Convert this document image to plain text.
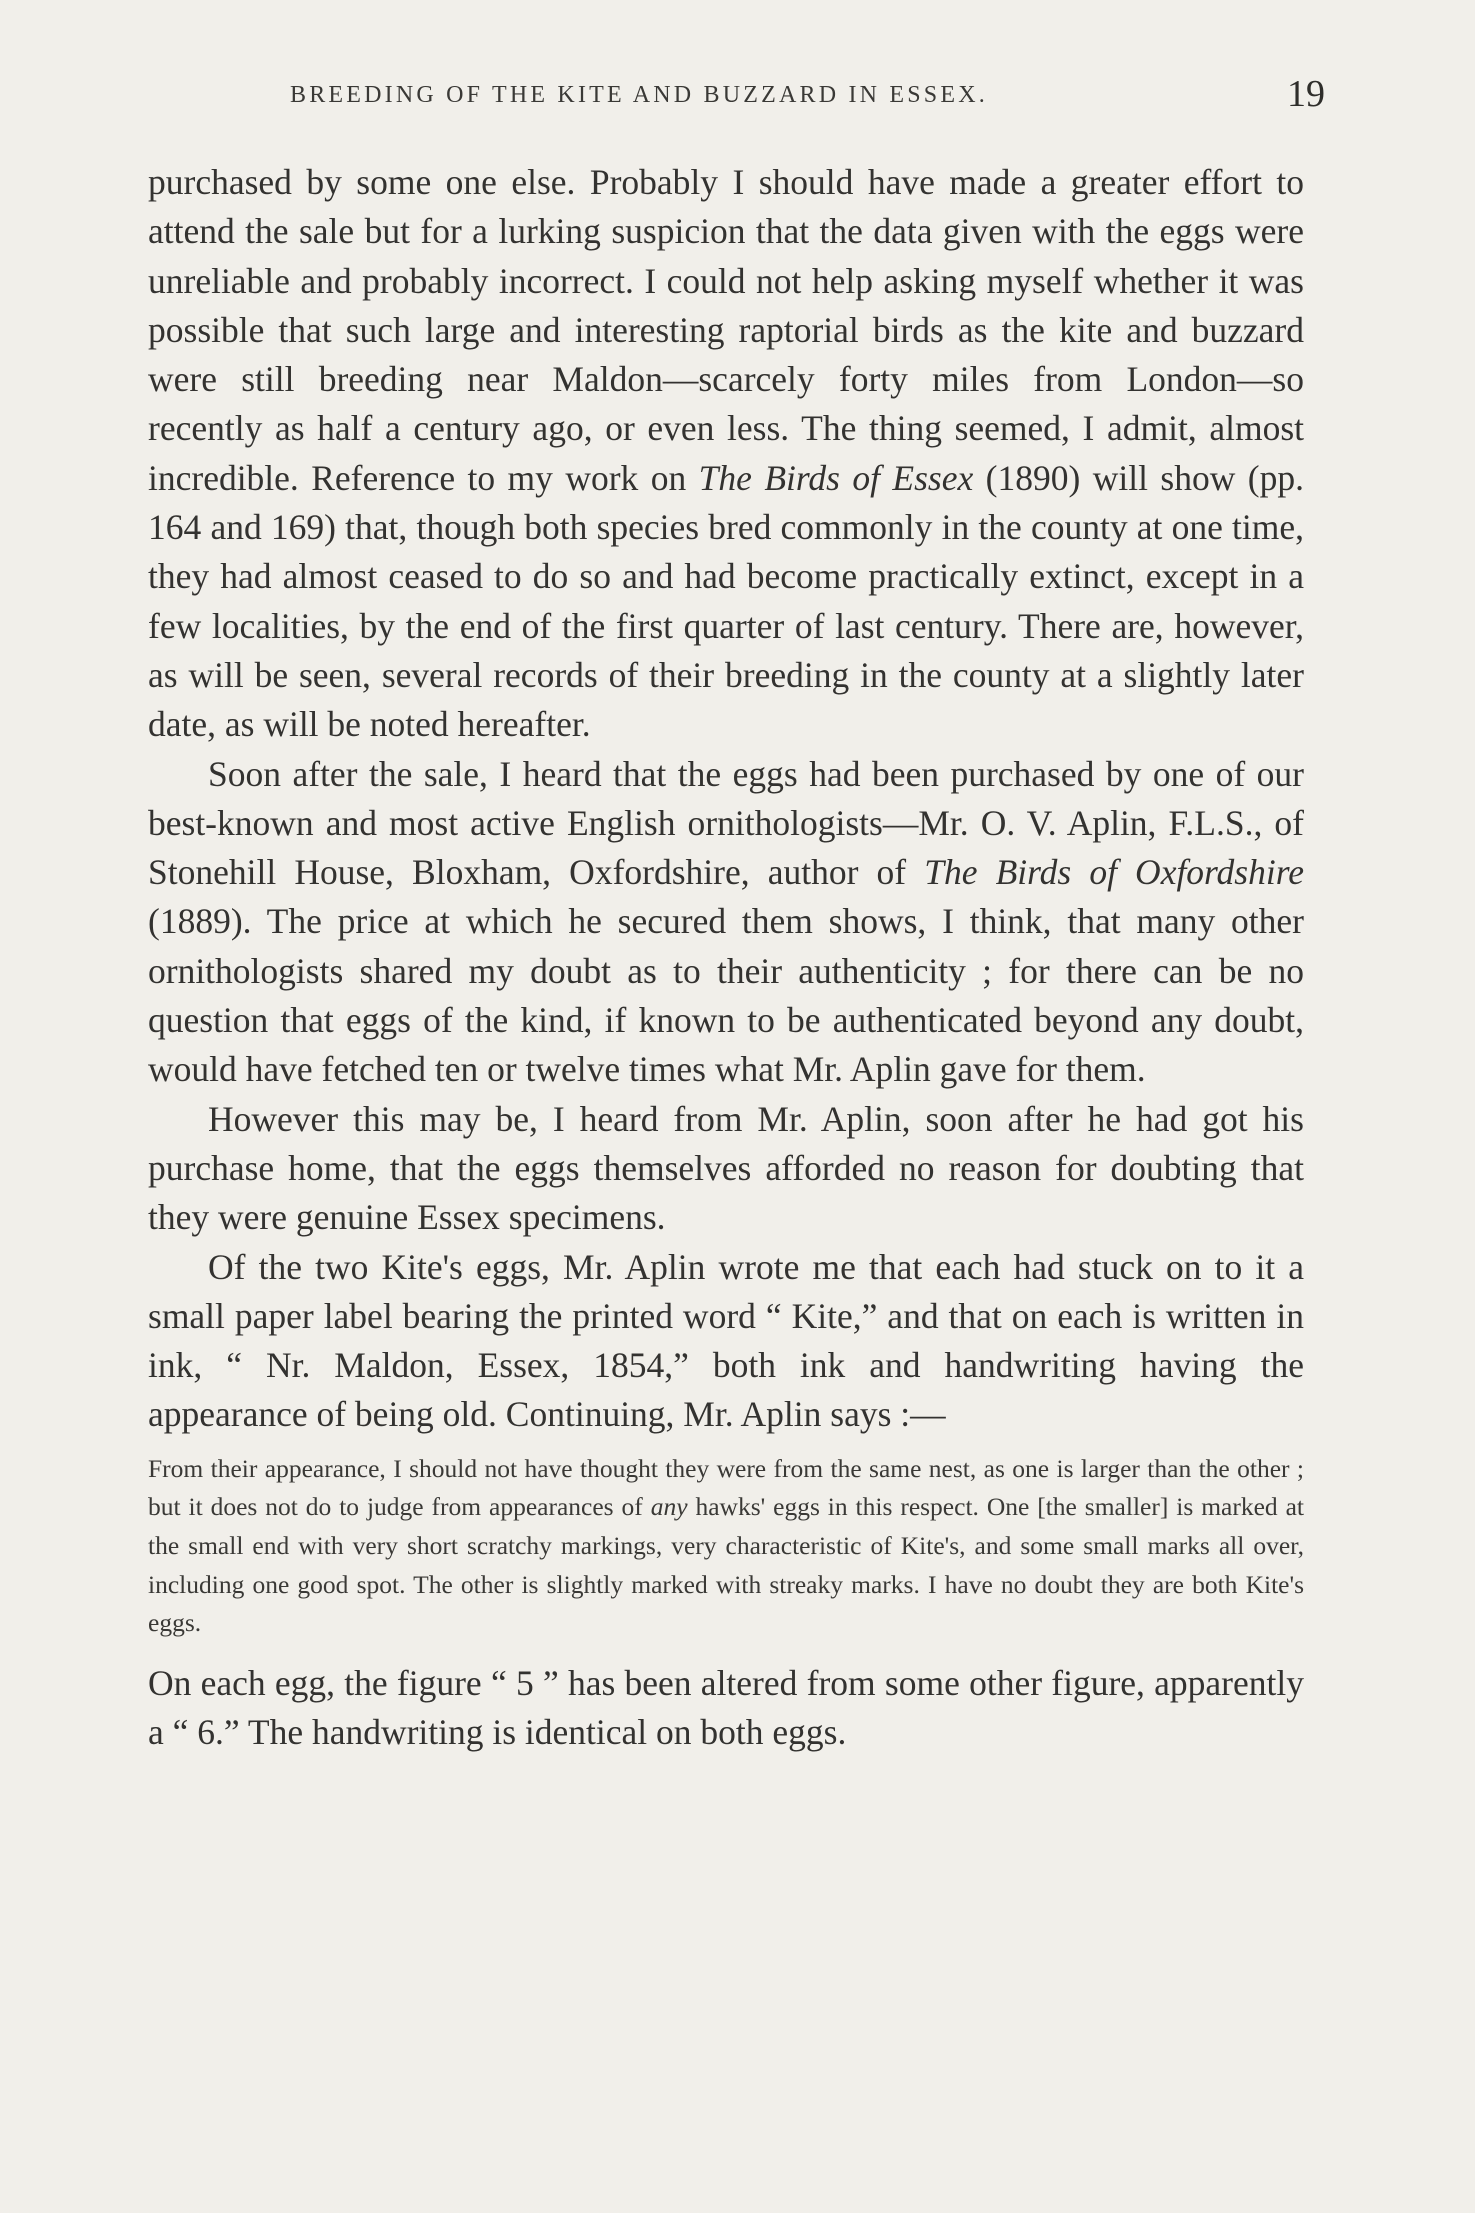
BREEDING OF THE KITE AND BUZZARD IN ESSEX.	19

purchased by some one else. Probably I should have made a greater effort to attend the sale but for a lurking suspicion that the data given with the eggs were unreliable and probably incorrect. I could not help asking myself whether it was possible that such large and interesting raptorial birds as the kite and buzzard were still breeding near Maldon—scarcely forty miles from London—so recently as half a century ago, or even less. The thing seemed, I admit, almost incredible. Reference to my work on The Birds of Essex (1890) will show (pp. 164 and 169) that, though both species bred commonly in the county at one time, they had almost ceased to do so and had become practically extinct, except in a few localities, by the end of the first quarter of last century. There are, however, as will be seen, several records of their breeding in the county at a slightly later date, as will be noted hereafter.

Soon after the sale, I heard that the eggs had been purchased by one of our best-known and most active English ornithologists—Mr. O. V. Aplin, F.L.S., of Stonehill House, Bloxham, Oxfordshire, author of The Birds of Oxfordshire (1889). The price at which he secured them shows, I think, that many other ornithologists shared my doubt as to their authenticity ; for there can be no question that eggs of the kind, if known to be authenticated beyond any doubt, would have fetched ten or twelve times what Mr. Aplin gave for them.

However this may be, I heard from Mr. Aplin, soon after he had got his purchase home, that the eggs themselves afforded no reason for doubting that they were genuine Essex specimens.

Of the two Kite's eggs, Mr. Aplin wrote me that each had stuck on to it a small paper label bearing the printed word “ Kite,” and that on each is written in ink, “ Nr. Maldon, Essex, 1854,” both ink and handwriting having the appearance of being old. Continuing, Mr. Aplin says :—

From their appearance, I should not have thought they were from the same nest, as one is larger than the other ; but it does not do to judge from appearances of any hawks' eggs in this respect. One [the smaller] is marked at the small end with very short scratchy markings, very characteristic of Kite's, and some small marks all over, including one good spot. The other is slightly marked with streaky marks. I have no doubt they are both Kite's eggs.

On each egg, the figure “ 5 ” has been altered from some other figure, apparently a “ 6.” The handwriting is identical on both eggs.
